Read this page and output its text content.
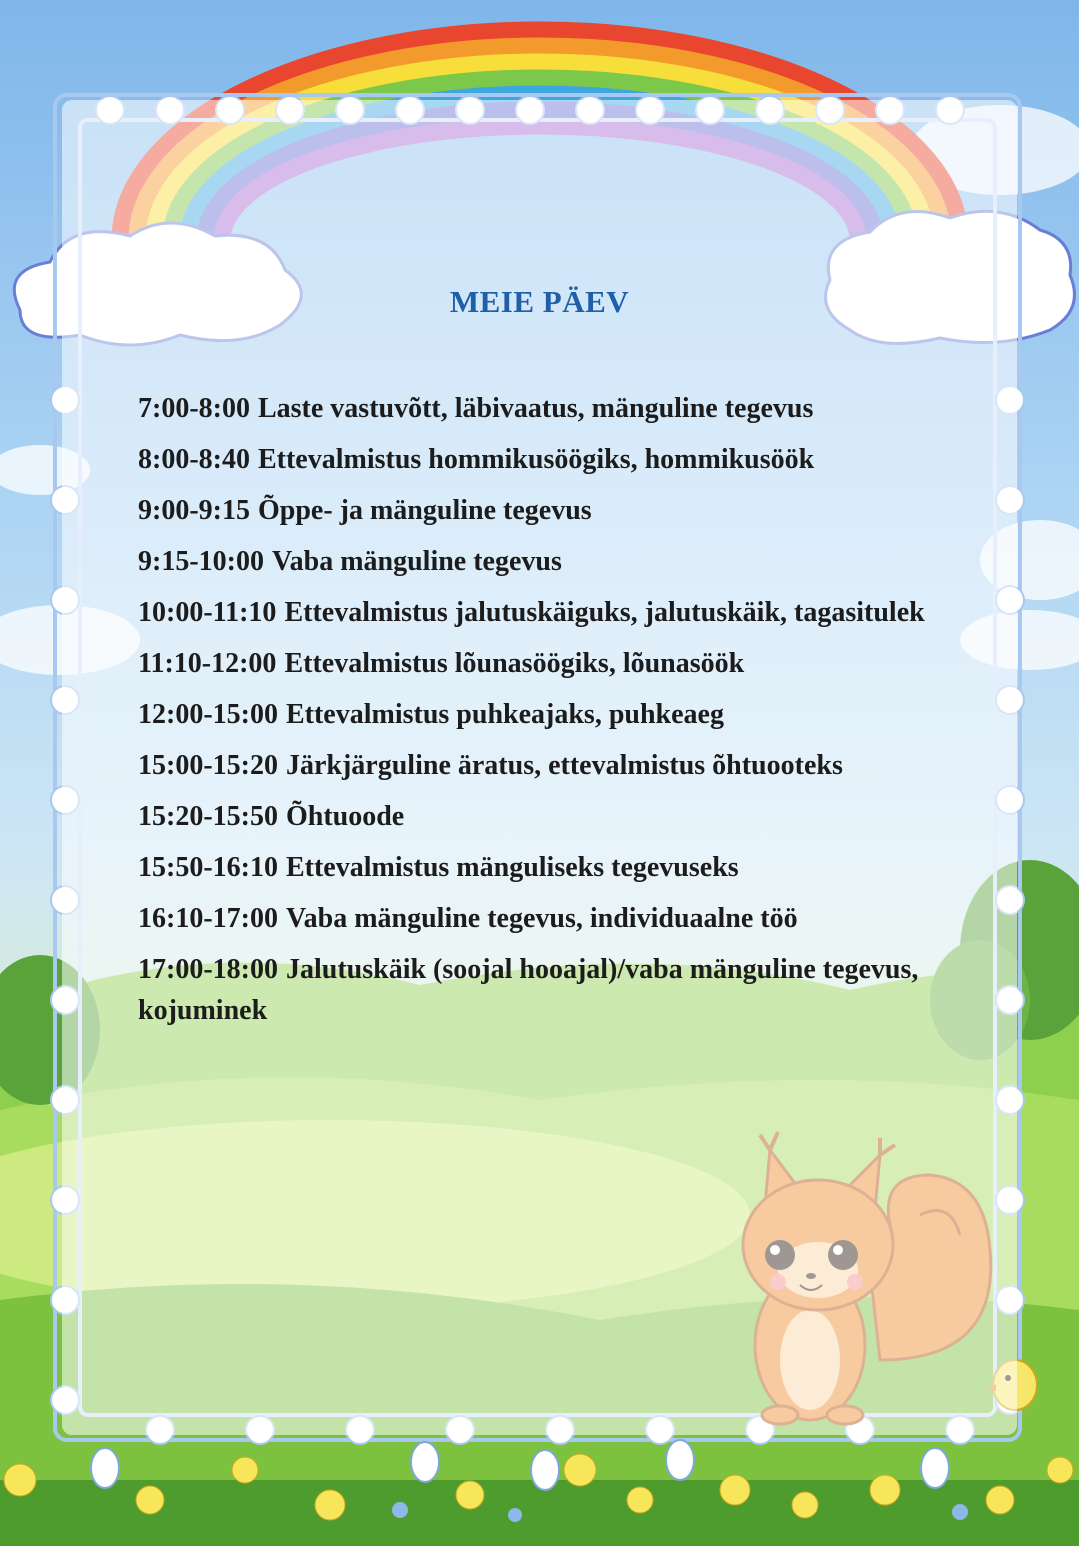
MEIE PÄEV
7:00-8:00 Laste vastuvõtt, läbivaatus, mänguline tegevus
8:00-8:40 Ettevalmistus hommikusöögiks, hommikusöök
9:00-9:15 Õppe- ja mänguline tegevus
9:15-10:00 Vaba mänguline tegevus
10:00-11:10 Ettevalmistus jalutuskäiguks, jalutuskäik, tagasitulek
11:10-12:00 Ettevalmistus lõunasöögiks, lõunasöök
12:00-15:00 Ettevalmistus puhkeajaks, puhkeaeg
15:00-15:20 Järkjärguline äratus, ettevalmistus õhtuooteks
15:20-15:50 Õhtuoode
15:50-16:10 Ettevalmistus mänguliseks tegevuseks
16:10-17:00 Vaba mänguline tegevus, individuaalne töö
17:00-18:00 Jalutuskäik (soojal hooajal)/vaba mänguline tegevus, kojuminek
